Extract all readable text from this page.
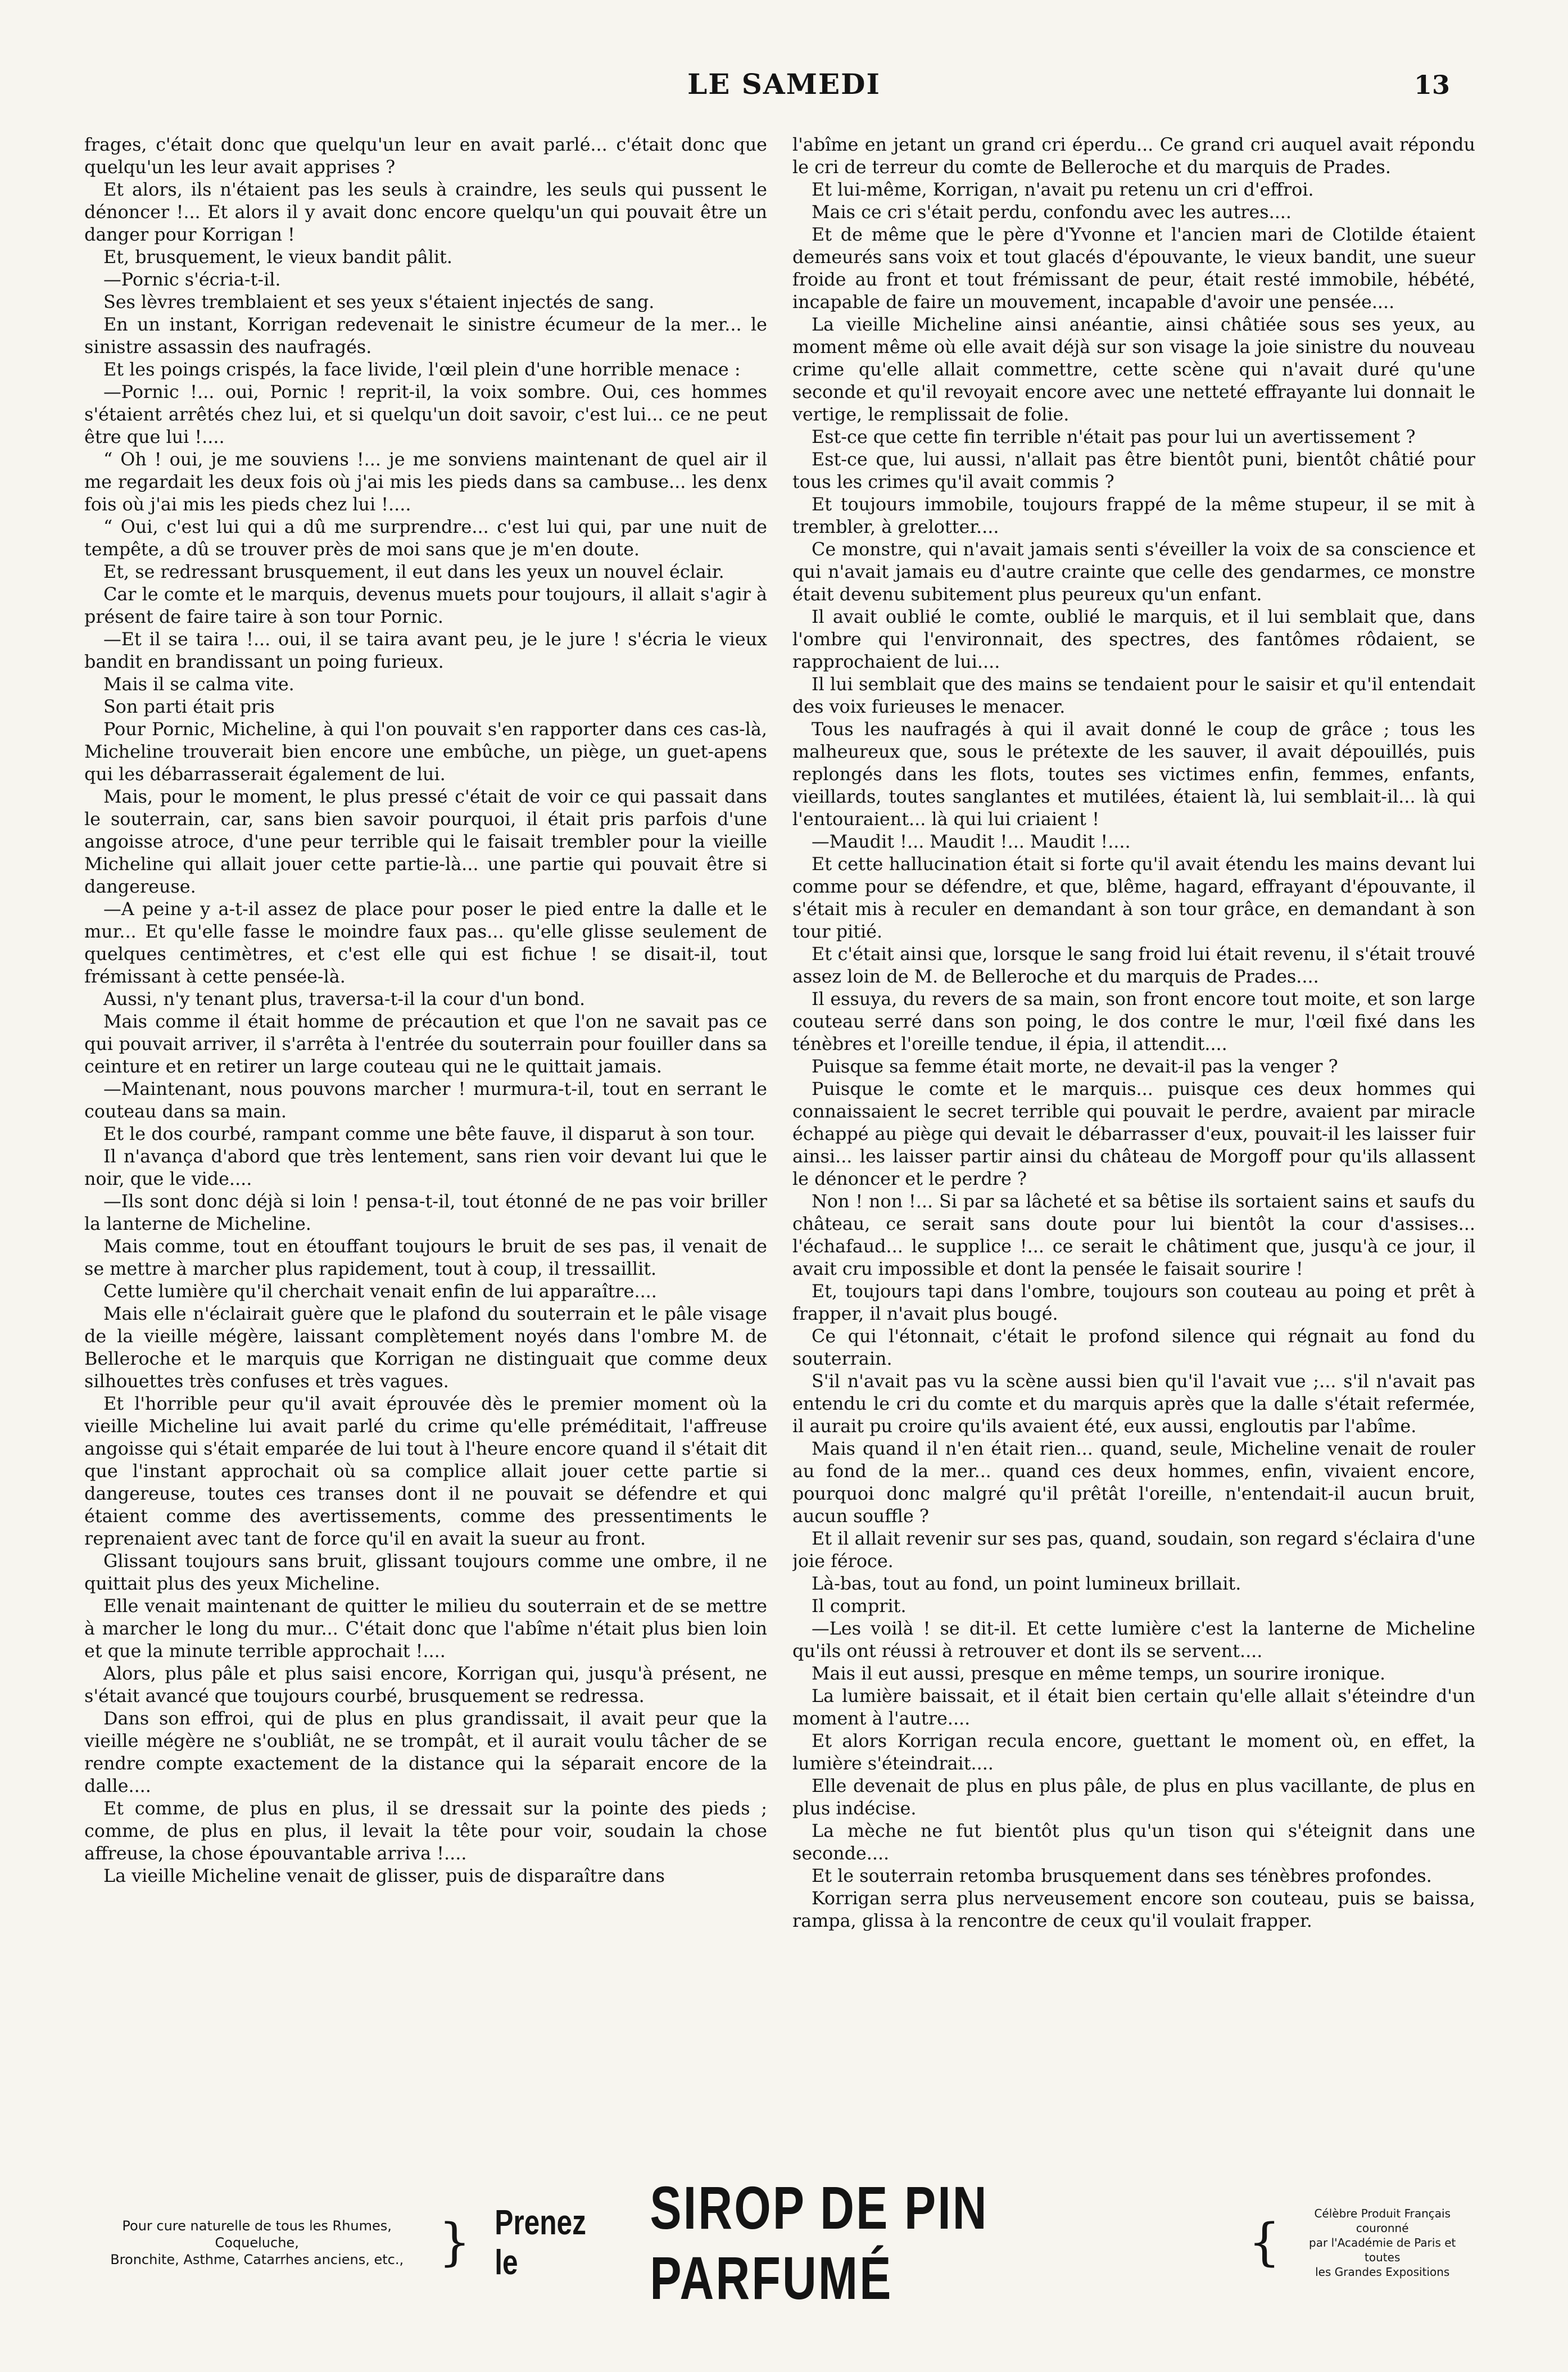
LE SAMEDI	13

frages, c'était donc que quelqu'un leur en avait parlé... c'était donc que quelqu'un les leur avait apprises ?

Et alors, ils n'étaient pas les seuls à craindre, les seuls qui pussent le dénoncer !... Et alors il y avait donc encore quelqu'un qui pouvait être un danger pour Korrigan !

Et, brusquement, le vieux bandit pâlit.

—Pornic s'écria-t-il.

Ses lèvres tremblaient et ses yeux s'étaient injectés de sang.

En un instant, Korrigan redevenait le sinistre écumeur de la mer... le sinistre assassin des naufragés.

Et les poings crispés, la face livide, l'œil plein d'une horrible menace :

—Pornic !... oui, Pornic ! reprit-il, la voix sombre. Oui, ces hommes s'étaient arrêtés chez lui, et si quelqu'un doit savoir, c'est lui... ce ne peut être que lui !....

“ Oh ! oui, je me souviens !... je me sonviens maintenant de quel air il me regardait les deux fois où j'ai mis les pieds dans sa cambuse... les denx fois où j'ai mis les pieds chez lui !....

“ Oui, c'est lui qui a dû me surprendre... c'est lui qui, par une nuit de tempête, a dû se trouver près de moi sans que je m'en doute.

Et, se redressant brusquement, il eut dans les yeux un nouvel éclair.

Car le comte et le marquis, devenus muets pour toujours, il allait s'agir à présent de faire taire à son tour Pornic.

—Et il se taira !... oui, il se taira avant peu, je le jure ! s'écria le vieux bandit en brandissant un poing furieux.

Mais il se calma vite.

Son parti était pris

Pour Pornic, Micheline, à qui l'on pouvait s'en rapporter dans ces cas-là, Micheline trouverait bien encore une embûche, un piège, un guet-apens qui les débarrasserait également de lui.

Mais, pour le moment, le plus pressé c'était de voir ce qui passait dans le souterrain, car, sans bien savoir pourquoi, il était pris parfois d'une angoisse atroce, d'une peur terrible qui le faisait trembler pour la vieille Micheline qui allait jouer cette partie-là... une partie qui pouvait être si dangereuse.

—A peine y a-t-il assez de place pour poser le pied entre la dalle et le mur... Et qu'elle fasse le moindre faux pas... qu'elle glisse seulement de quelques centimètres, et c'est elle qui est fichue ! se disait-il, tout frémissant à cette pensée-là.

Aussi, n'y tenant plus, traversa-t-il la cour d'un bond.

Mais comme il était homme de précaution et que l'on ne savait pas ce qui pouvait arriver, il s'arrêta à l'entrée du souterrain pour fouiller dans sa ceinture et en retirer un large couteau qui ne le quittait jamais.

—Maintenant, nous pouvons marcher ! murmura-t-il, tout en serrant le couteau dans sa main.

Et le dos courbé, rampant comme une bête fauve, il disparut à son tour.

Il n'avança d'abord que très lentement, sans rien voir devant lui que le noir, que le vide....

—Ils sont donc déjà si loin ! pensa-t-il, tout étonné de ne pas voir briller la lanterne de Micheline.

Mais comme, tout en étouffant toujours le bruit de ses pas, il venait de se mettre à marcher plus rapidement, tout à coup, il tressaillit.

Cette lumière qu'il cherchait venait enfin de lui apparaître....

Mais elle n'éclairait guère que le plafond du souterrain et le pâle visage de la vieille mégère, laissant complètement noyés dans l'ombre M. de Belleroche et le marquis que Korrigan ne distinguait que comme deux silhouettes très confuses et très vagues.

Et l'horrible peur qu'il avait éprouvée dès le premier moment où la vieille Micheline lui avait parlé du crime qu'elle préméditait, l'affreuse angoisse qui s'était emparée de lui tout à l'heure encore quand il s'était dit que l'instant approchait où sa complice allait jouer cette partie si dangereuse, toutes ces transes dont il ne pouvait se défendre et qui étaient comme des avertissements, comme des pressentiments le reprenaient avec tant de force qu'il en avait la sueur au front.

Glissant toujours sans bruit, glissant toujours comme une ombre, il ne quittait plus des yeux Micheline.

Elle venait maintenant de quitter le milieu du souterrain et de se mettre à marcher le long du mur... C'était donc que l'abîme n'était plus bien loin et que la minute terrible approchait !....

Alors, plus pâle et plus saisi encore, Korrigan qui, jusqu'à présent, ne s'était avancé que toujours courbé, brusquement se redressa.

Dans son effroi, qui de plus en plus grandissait, il avait peur que la vieille mégère ne s'oubliât, ne se trompât, et il aurait voulu tâcher de se rendre compte exactement de la distance qui la séparait encore de la dalle....

Et comme, de plus en plus, il se dressait sur la pointe des pieds ; comme, de plus en plus, il levait la tête pour voir, soudain la chose affreuse, la chose épouvantable arriva !....

La vieille Micheline venait de glisser, puis de disparaître dans

l'abîme en jetant un grand cri éperdu... Ce grand cri auquel avait répondu le cri de terreur du comte de Belleroche et du marquis de Prades.

Et lui-même, Korrigan, n'avait pu retenu un cri d'effroi.

Mais ce cri s'était perdu, confondu avec les autres....

Et de même que le père d'Yvonne et l'ancien mari de Clotilde étaient demeurés sans voix et tout glacés d'épouvante, le vieux bandit, une sueur froide au front et tout frémissant de peur, était resté immobile, hébété, incapable de faire un mouvement, incapable d'avoir une pensée....

La vieille Micheline ainsi anéantie, ainsi châtiée sous ses yeux, au moment même où elle avait déjà sur son visage la joie sinistre du nouveau crime qu'elle allait commettre, cette scène qui n'avait duré qu'une seconde et qu'il revoyait encore avec une netteté effrayante lui donnait le vertige, le remplissait de folie.

Est-ce que cette fin terrible n'était pas pour lui un avertissement ?

Est-ce que, lui aussi, n'allait pas être bientôt puni, bientôt châtié pour tous les crimes qu'il avait commis ?

Et toujours immobile, toujours frappé de la même stupeur, il se mit à trembler, à grelotter....

Ce monstre, qui n'avait jamais senti s'éveiller la voix de sa conscience et qui n'avait jamais eu d'autre crainte que celle des gendarmes, ce monstre était devenu subitement plus peureux qu'un enfant.

Il avait oublié le comte, oublié le marquis, et il lui semblait que, dans l'ombre qui l'environnait, des spectres, des fantômes rôdaient, se rapprochaient de lui....

Il lui semblait que des mains se tendaient pour le saisir et qu'il entendait des voix furieuses le menacer.

Tous les naufragés à qui il avait donné le coup de grâce ; tous les malheureux que, sous le prétexte de les sauver, il avait dépouillés, puis replongés dans les flots, toutes ses victimes enfin, femmes, enfants, vieillards, toutes sanglantes et mutilées, étaient là, lui semblait-il... là qui l'entouraient... là qui lui criaient !

—Maudit !... Maudit !... Maudit !....

Et cette hallucination était si forte qu'il avait étendu les mains devant lui comme pour se défendre, et que, blême, hagard, effrayant d'épouvante, il s'était mis à reculer en demandant à son tour grâce, en demandant à son tour pitié.

Et c'était ainsi que, lorsque le sang froid lui était revenu, il s'était trouvé assez loin de M. de Belleroche et du marquis de Prades....

Il essuya, du revers de sa main, son front encore tout moite, et son large couteau serré dans son poing, le dos contre le mur, l'œil fixé dans les ténèbres et l'oreille tendue, il épia, il attendit....

Puisque sa femme était morte, ne devait-il pas la venger ?

Puisque le comte et le marquis... puisque ces deux hommes qui connaissaient le secret terrible qui pouvait le perdre, avaient par miracle échappé au piège qui devait le débarrasser d'eux, pouvait-il les laisser fuir ainsi... les laisser partir ainsi du château de Morgoff pour qu'ils allassent le dénoncer et le perdre ?

Non ! non !... Si par sa lâcheté et sa bêtise ils sortaient sains et saufs du château, ce serait sans doute pour lui bientôt la cour d'assises... l'échafaud... le supplice !... ce serait le châtiment que, jusqu'à ce jour, il avait cru impossible et dont la pensée le faisait sourire !

Et, toujours tapi dans l'ombre, toujours son couteau au poing et prêt à frapper, il n'avait plus bougé.

Ce qui l'étonnait, c'était le profond silence qui régnait au fond du souterrain.

S'il n'avait pas vu la scène aussi bien qu'il l'avait vue ;... s'il n'avait pas entendu le cri du comte et du marquis après que la dalle s'était refermée, il aurait pu croire qu'ils avaient été, eux aussi, engloutis par l'abîme.

Mais quand il n'en était rien... quand, seule, Micheline venait de rouler au fond de la mer... quand ces deux hommes, enfin, vivaient encore, pourquoi donc malgré qu'il prêtât l'oreille, n'entendait-il aucun bruit, aucun souffle ?

Et il allait revenir sur ses pas, quand, soudain, son regard s'éclaira d'une joie féroce.

Là-bas, tout au fond, un point lumineux brillait.

Il comprit.

—Les voilà ! se dit-il. Et cette lumière c'est la lanterne de Micheline qu'ils ont réussi à retrouver et dont ils se servent....

Mais il eut aussi, presque en même temps, un sourire ironique.

La lumière baissait, et il était bien certain qu'elle allait s'éteindre d'un moment à l'autre....

Et alors Korrigan recula encore, guettant le moment où, en effet, la lumière s'éteindrait....

Elle devenait de plus en plus pâle, de plus en plus vacillante, de plus en plus indécise.

La mèche ne fut bientôt plus qu'un tison qui s'éteignit dans une seconde....

Et le souterrain retomba brusquement dans ses ténèbres profondes.

Korrigan serra plus nerveusement encore son couteau, puis se baissa, rampa, glissa à la rencontre de ceux qu'il voulait frapper.

Pour cure naturelle de tous les Rhumes, Coqueluche,
Bronchite, Asthme, Catarrhes anciens, etc., } Prenez le
SIROP DE PIN PARFUMÉ
{	Célèbre Produit Français couronné
par l'Académie de Paris et toutes
les Grandes Expositions
